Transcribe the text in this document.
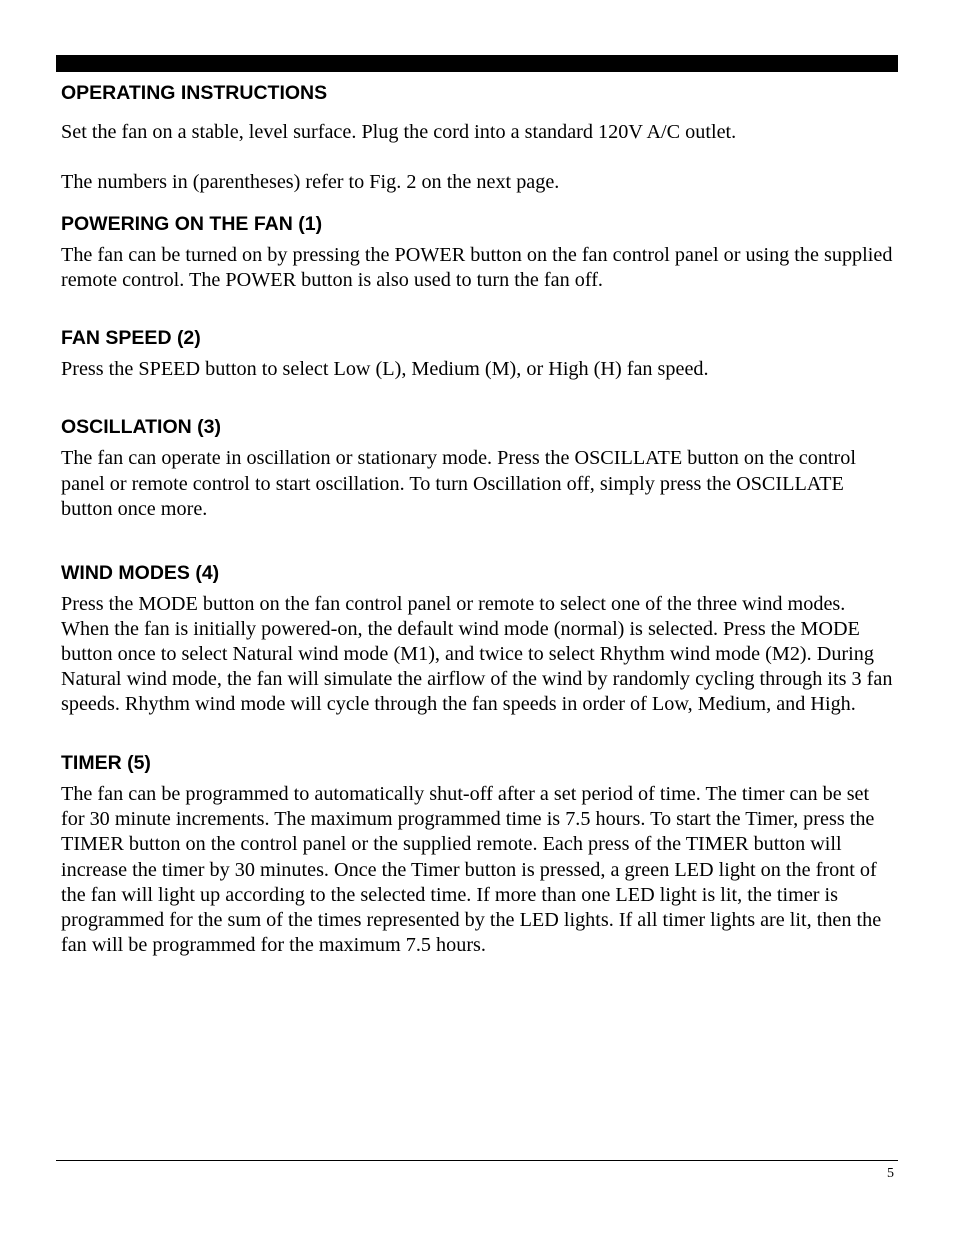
OPERATING INSTRUCTIONS

Set the fan on a stable, level surface. Plug the cord into a standard 120V A/C outlet.

The numbers in (parentheses) refer to Fig. 2 on the next page.

POWERING ON THE FAN (1)

The fan can be turned on by pressing the POWER button on the fan control panel or using the supplied remote control. The POWER button is also used to turn the fan off.

FAN SPEED (2)

Press the SPEED button to select Low (L), Medium (M), or High (H) fan speed.

OSCILLATION (3)

The fan can operate in oscillation or stationary mode. Press the OSCILLATE button on the control panel or remote control to start oscillation. To turn Oscillation off, simply press the OSCILLATE button once more.

WIND MODES (4)

Press the MODE button on the fan control panel or remote to select one of the three wind modes. When the fan is initially powered-on, the default wind mode (normal) is selected. Press the MODE button once to select Natural wind mode (M1), and twice to select Rhythm wind mode (M2). During Natural wind mode, the fan will simulate the airflow of the wind by randomly cycling through its 3 fan speeds. Rhythm wind mode will cycle through the fan speeds in order of Low, Medium, and High.

TIMER (5)

The fan can be programmed to automatically shut-off after a set period of time. The timer can be set for 30 minute increments. The maximum programmed time is 7.5 hours. To start the Timer, press the TIMER button on the control panel or the supplied remote. Each press of the TIMER button will increase the timer by 30 minutes. Once the Timer button is pressed, a green LED light on the front of the fan will light up according to the selected time. If more than one LED light is lit, the timer is programmed for the sum of the times represented by the LED lights. If all timer lights are lit, then the fan will be programmed for the maximum 7.5 hours.

5
